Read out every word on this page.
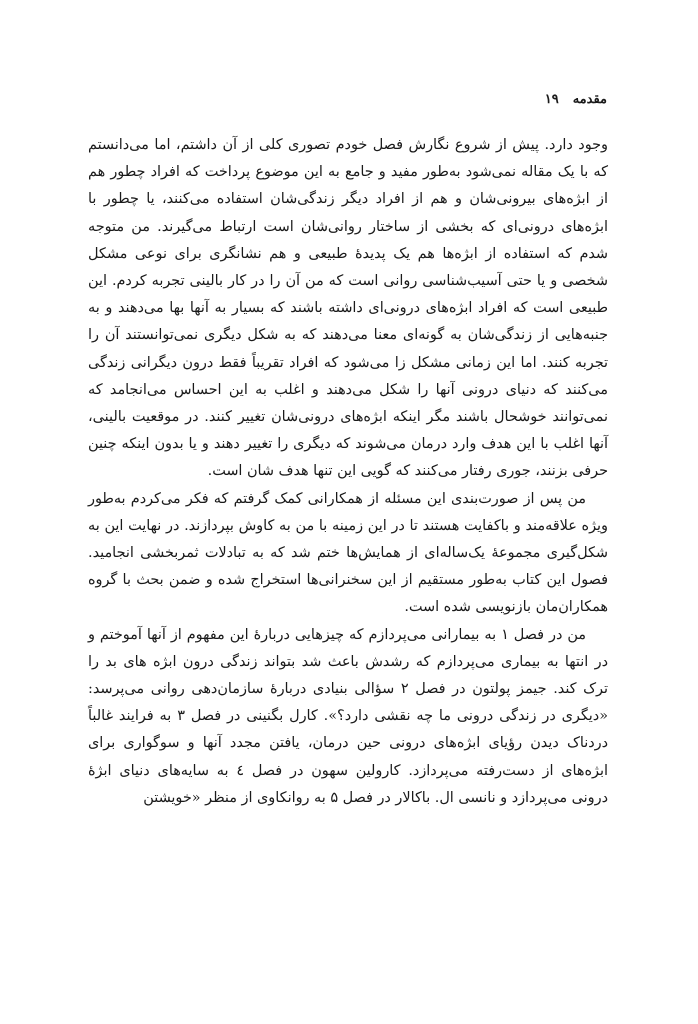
مقدمه
۱۹

وجود دارد. پیش از شروع نگارش فصل خودم تصوری کلی از آن داشتم، اما می‌دانستم که با یک مقاله نمی‌شود به‌طور مفید و جامع به این موضوع پرداخت که افراد چطور هم از ابژه‌های بیرونی‌شان و هم از افراد دیگر زندگی‌شان استفاده می‌کنند، یا چطور با ابژه‌های درونی‌ای که بخشی از ساختار روانی‌شان است ارتباط می‌گیرند. من متوجه شدم که استفاده از ابژه‌ها هم یک پدیدهٔ طبیعی و هم نشانگری برای نوعی مشکل شخصی و یا حتی آسیب‌شناسی روانی است که من آن را در کار بالینی تجربه کردم. این طبیعی است که افراد ابژه‌های درونی‌ای داشته باشند که بسیار به آنها بها می‌دهند و به جنبه‌هایی از زندگی‌شان به گونه‌ای معنا می‌دهند که به شکل دیگری نمی‌توانستند آن را تجربه کنند. اما این زمانی مشکل زا می‌شود که افراد تقریباً فقط درون دیگرانی زندگی می‌کنند که دنیای درونی آنها را شکل می‌دهند و اغلب به این احساس می‌انجامد که نمی‌توانند خوشحال باشند مگر اینکه ابژه‌های درونی‌شان تغییر کنند. در موقعیت بالینی، آنها اغلب با این هدف وارد درمان می‌شوند که دیگری را تغییر دهند و یا بدون اینکه چنین حرفی بزنند، جوری رفتار می‌کنند که گویی این تنها هدف شان است.

من پس از صورت‌بندی این مسئله از همکارانی کمک گرفتم که فکر می‌کردم به‌طور ویژه علاقه‌مند و باکفایت هستند تا در این زمینه با من به کاوش بپردازند. در نهایت این به شکل‌گیری مجموعهٔ یک‌ساله‌ای از همایش‌ها ختم شد که به تبادلات ثمربخشی انجامید. فصول این کتاب به‌طور مستقیم از این سخنرانی‌ها استخراج شده و ضمن بحث با گروه همکاران‌مان بازنویسی شده است.

من در فصل ۱ به بیمارانی می‌پردازم که چیزهایی دربارهٔ این مفهوم از آنها آموختم و در انتها به بیماری می‌پردازم که رشدش باعث شد بتواند زندگی درون ابژه های بد را ترک کند. جیمز پولتون در فصل ۲ سؤالی بنیادی دربارهٔ سازمان‌دهی روانی می‌پرسد: «دیگری در زندگی درونی ما چه نقشی دارد؟». کارل بگنینی در فصل ۳ به فرایند غالباً دردناک دیدن رؤیای ابژه‌های درونی حین درمان، یافتن مجدد آنها و سوگواری برای ابژه‌های از دست‌رفته می‌پردازد. کارولین سهون در فصل ٤ به سایه‌های دنیای ابژهٔ درونی می‌پردازد و نانسی ال. باکالار در فصل ۵ به روانکاوی از منظر «خویشتن
